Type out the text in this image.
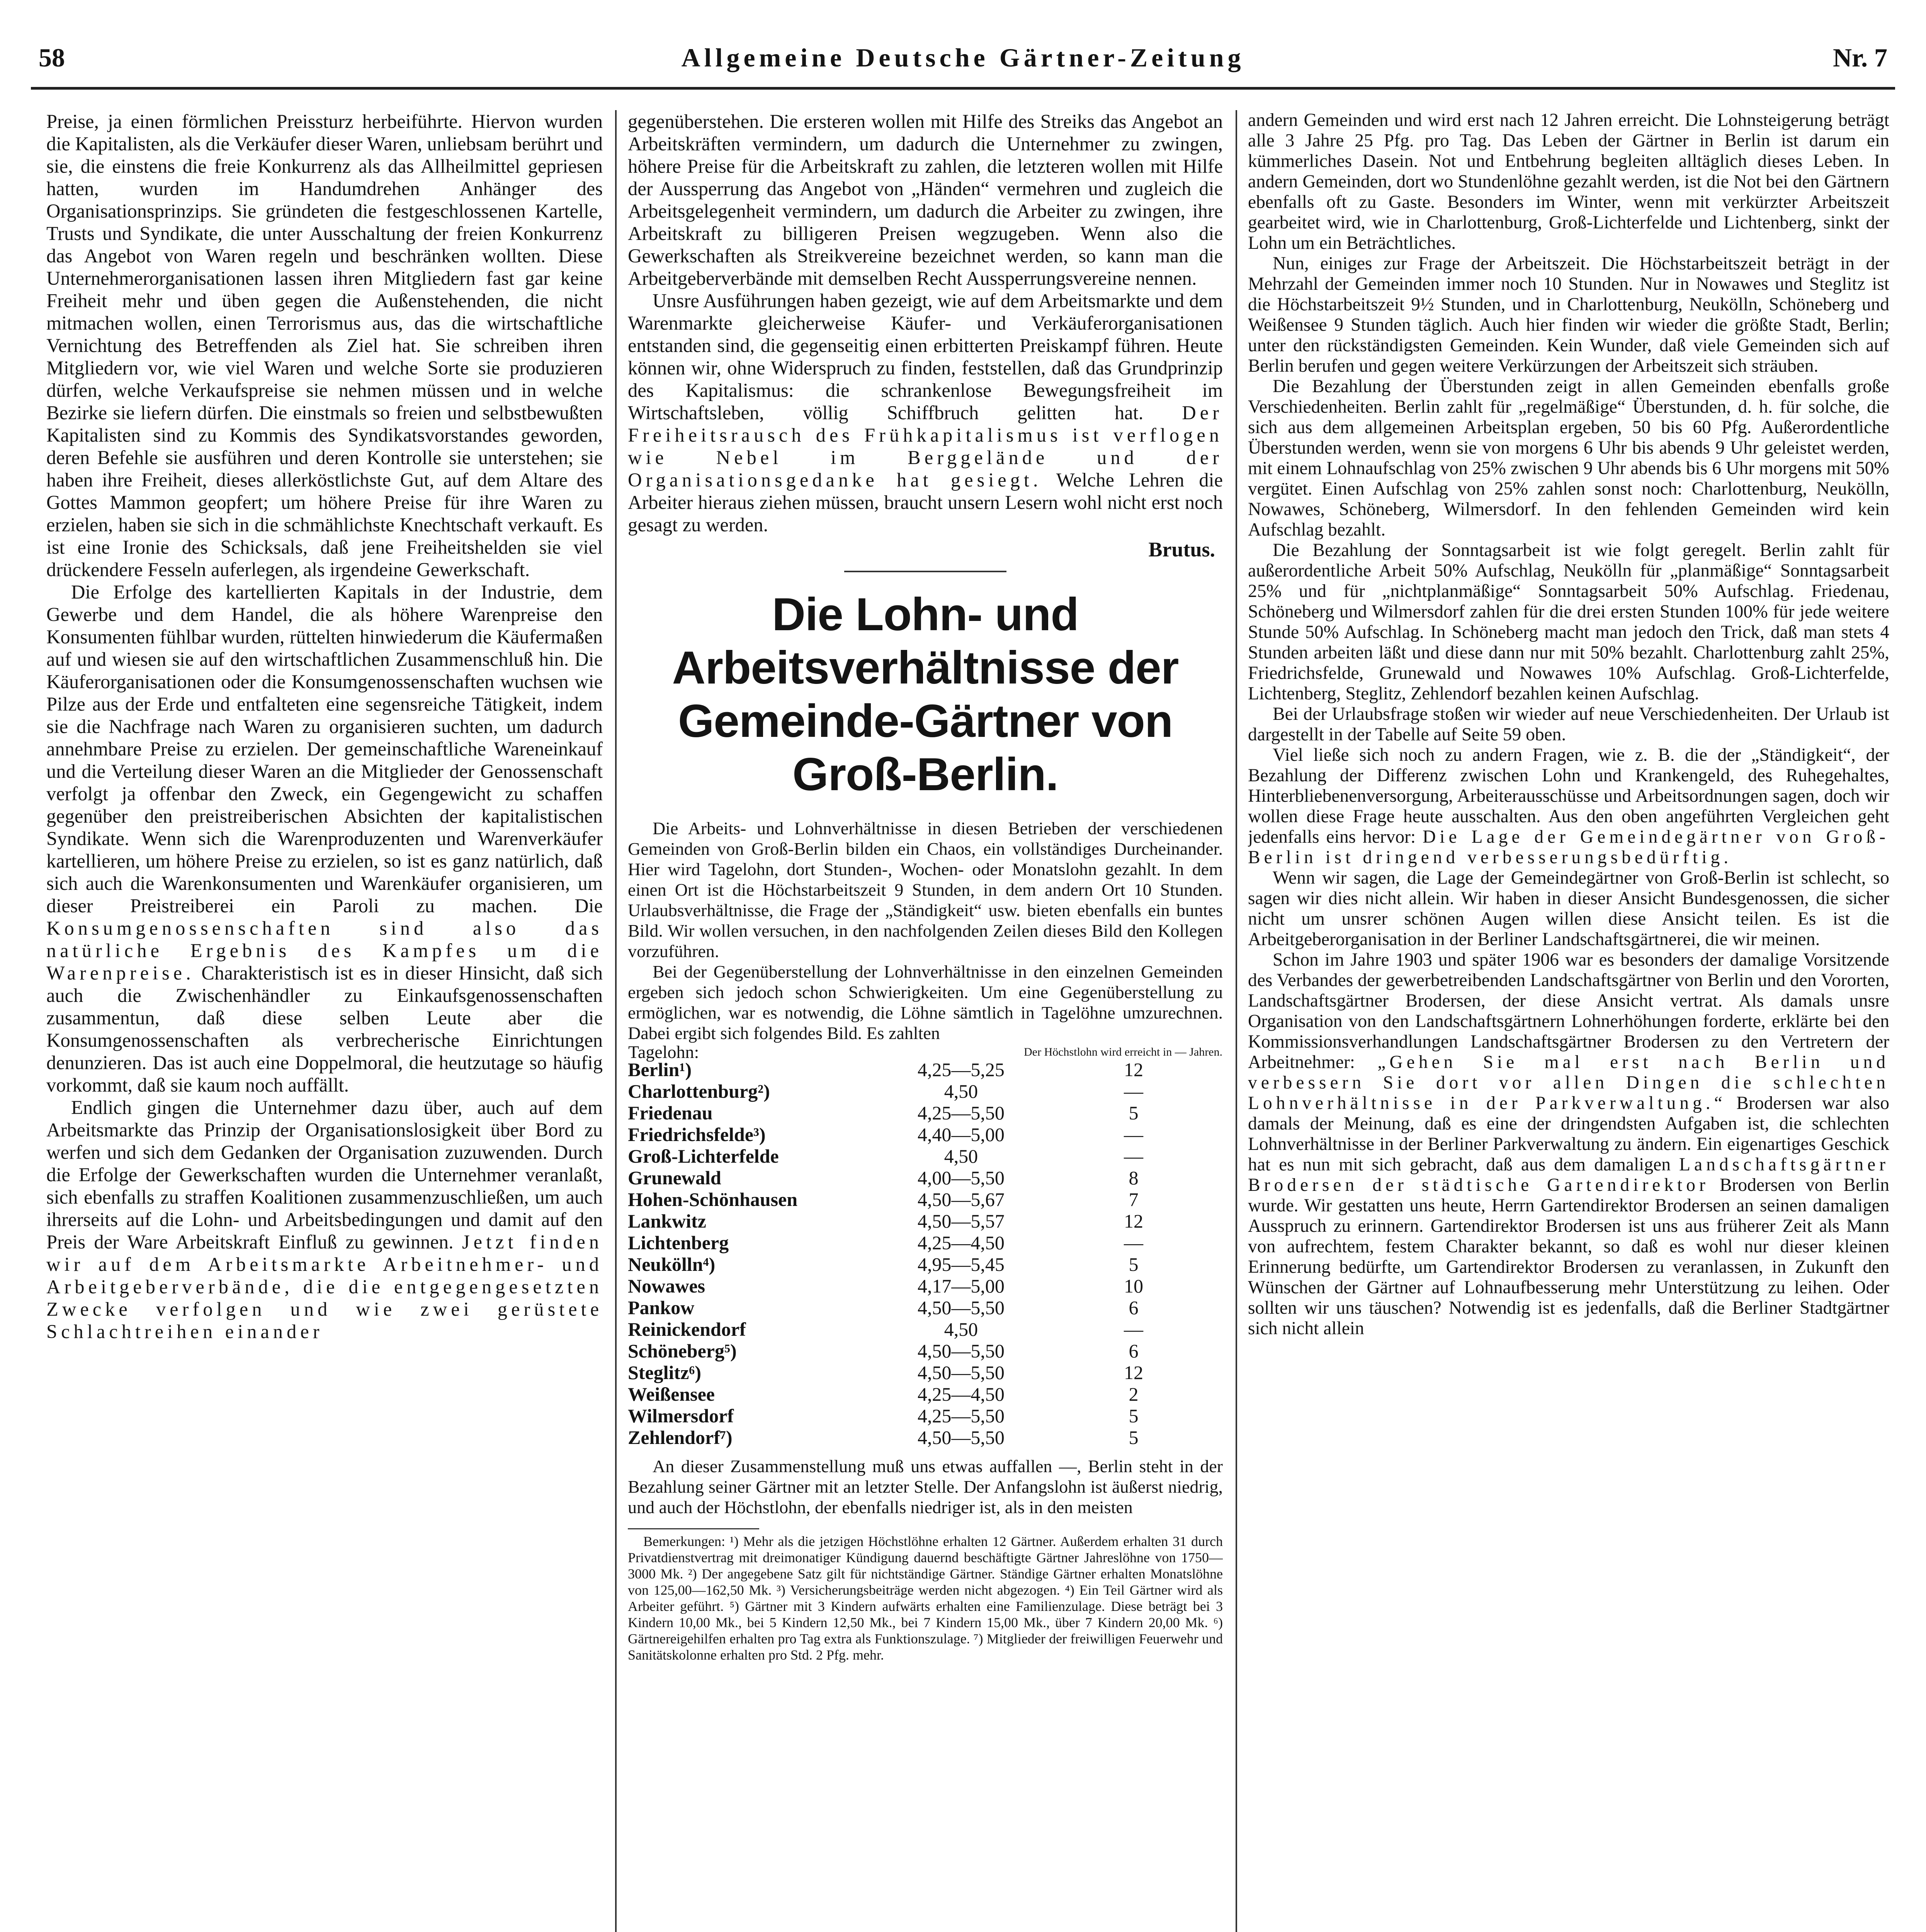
58	Allgemeine Deutsche Gärtner-Zeitung	Nr. 7

Preise, ja einen förmlichen Preissturz herbeiführte. Hiervon wurden die Kapitalisten, als die Verkäufer dieser Waren, unliebsam berührt und sie, die einstens die freie Konkurrenz als das Allheilmittel gepriesen hatten, wurden im Handumdrehen Anhänger des Organisationsprinzips. Sie gründeten die festgeschlossenen Kartelle, Trusts und Syndikate, die unter Ausschaltung der freien Konkurrenz das Angebot von Waren regeln und beschränken wollten. Diese Unternehmerorganisationen lassen ihren Mitgliedern fast gar keine Freiheit mehr und üben gegen die Außenstehenden, die nicht mitmachen wollen, einen Terrorismus aus, das die wirtschaftliche Vernichtung des Betreffenden als Ziel hat. Sie schreiben ihren Mitgliedern vor, wie viel Waren und welche Sorte sie produzieren dürfen, welche Verkaufspreise sie nehmen müssen und in welche Bezirke sie liefern dürfen. Die einstmals so freien und selbstbewußten Kapitalisten sind zu Kommis des Syndikatsvorstandes geworden, deren Befehle sie ausführen und deren Kontrolle sie unterstehen; sie haben ihre Freiheit, dieses allerköstlichste Gut, auf dem Altare des Gottes Mammon geopfert; um höhere Preise für ihre Waren zu erzielen, haben sie sich in die schmählichste Knechtschaft verkauft. Es ist eine Ironie des Schicksals, daß jene Freiheitshelden sie viel drückendere Fesseln auferlegen, als irgendeine Gewerkschaft.

Die Erfolge des kartellierten Kapitals in der Industrie, dem Gewerbe und dem Handel, die als höhere Warenpreise den Konsumenten fühlbar wurden, rüttelten hinwiederum die Käufermaßen auf und wiesen sie auf den wirtschaftlichen Zusammenschluß hin. Die Käuferorganisationen oder die Konsumgenossenschaften wuchsen wie Pilze aus der Erde und entfalteten eine segensreiche Tätigkeit, indem sie die Nachfrage nach Waren zu organisieren suchten, um dadurch annehmbare Preise zu erzielen. Der gemeinschaftliche Wareneinkauf und die Verteilung dieser Waren an die Mitglieder der Genossenschaft verfolgt ja offenbar den Zweck, ein Gegengewicht zu schaffen gegenüber den preistreiberischen Absichten der kapitalistischen Syndikate. Wenn sich die Warenproduzenten und Warenverkäufer kartellieren, um höhere Preise zu erzielen, so ist es ganz natürlich, daß sich auch die Warenkonsumenten und Warenkäufer organisieren, um dieser Preistreiberei ein Paroli zu machen. Die Konsumgenossenschaften sind also das natürliche Ergebnis des Kampfes um die Warenpreise. Charakteristisch ist es in dieser Hinsicht, daß sich auch die Zwischenhändler zu Einkaufsgenossenschaften zusammentun, daß diese selben Leute aber die Konsumgenossenschaften als verbrecherische Einrichtungen denunzieren. Das ist auch eine Doppelmoral, die heutzutage so häufig vorkommt, daß sie kaum noch auffällt.

Endlich gingen die Unternehmer dazu über, auch auf dem Arbeitsmarkte das Prinzip der Organisationslosigkeit über Bord zu werfen und sich dem Gedanken der Organisation zuzuwenden. Durch die Erfolge der Gewerkschaften wurden die Unternehmer veranlaßt, sich ebenfalls zu straffen Koalitionen zusammenzuschließen, um auch ihrerseits auf die Lohn- und Arbeitsbedingungen und damit auf den Preis der Ware Arbeitskraft Einfluß zu gewinnen. Jetzt finden wir auf dem Arbeitsmarkte Arbeitnehmer- und Arbeitgeberverbände, die die entgegengesetzten Zwecke verfolgen und wie zwei gerüstete Schlachtreihen einander

gegenüberstehen. Die ersteren wollen mit Hilfe des Streiks das Angebot an Arbeitskräften vermindern, um dadurch die Unternehmer zu zwingen, höhere Preise für die Arbeitskraft zu zahlen, die letzteren wollen mit Hilfe der Aussperrung das Angebot von „Händen“ vermehren und zugleich die Arbeitsgelegenheit vermindern, um dadurch die Arbeiter zu zwingen, ihre Arbeitskraft zu billigeren Preisen wegzugeben. Wenn also die Gewerkschaften als Streikvereine bezeichnet werden, so kann man die Arbeitgeberverbände mit demselben Recht Aussperrungsvereine nennen.

Unsre Ausführungen haben gezeigt, wie auf dem Arbeitsmarkte und dem Warenmarkte gleicherweise Käufer- und Verkäuferorganisationen entstanden sind, die gegenseitig einen erbitterten Preiskampf führen. Heute können wir, ohne Widerspruch zu finden, feststellen, daß das Grundprinzip des Kapitalismus: die schrankenlose Bewegungsfreiheit im Wirtschaftsleben, völlig Schiffbruch gelitten hat. Der Freiheitsrausch des Frühkapitalismus ist verflogen wie Nebel im Berggelände und der Organisationsgedanke hat gesiegt. Welche Lehren die Arbeiter hieraus ziehen müssen, braucht unsern Lesern wohl nicht erst noch gesagt zu werden.

Brutus.
Die Lohn- und Arbeitsverhältnisse der Gemeinde-Gärtner von Groß-Berlin.

Die Arbeits- und Lohnverhältnisse in diesen Betrieben der verschiedenen Gemeinden von Groß-Berlin bilden ein Chaos, ein vollständiges Durcheinander. Hier wird Tagelohn, dort Stunden-, Wochen- oder Monatslohn gezahlt. In dem einen Ort ist die Höchstarbeitszeit 9 Stunden, in dem andern Ort 10 Stunden. Urlaubsverhältnisse, die Frage der „Ständigkeit“ usw. bieten ebenfalls ein buntes Bild. Wir wollen versuchen, in den nachfolgenden Zeilen dieses Bild den Kollegen vorzuführen.

Bei der Gegenüberstellung der Lohnverhältnisse in den einzelnen Gemeinden ergeben sich jedoch schon Schwierigkeiten. Um eine Gegenüberstellung zu ermöglichen, war es notwendig, die Löhne sämtlich in Tagelöhne umzurechnen. Dabei ergibt sich folgendes Bild. Es zahlten

Tagelohn:	Der Höchstlohn wird erreicht in — Jahren.	
Berlin¹)	4,25—5,25	12
Charlottenburg²)	4,50	—
Friedenau	4,25—5,50	5
Friedrichsfelde³)	4,40—5,00	—
Groß-Lichterfelde	4,50	—
Grunewald	4,00—5,50	8
Hohen-Schönhausen	4,50—5,67	7
Lankwitz	4,50—5,57	12
Lichtenberg	4,25—4,50	—
Neukölln⁴)	4,95—5,45	5
Nowawes	4,17—5,00	10
Pankow	4,50—5,50	6
Reinickendorf	4,50	—
Schöneberg⁵)	4,50—5,50	6
Steglitz⁶)	4,50—5,50	12
Weißensee	4,25—4,50	2
Wilmersdorf	4,25—5,50	5
Zehlendorf⁷)	4,50—5,50	5

An dieser Zusammenstellung muß uns etwas auffallen —, Berlin steht in der Bezahlung seiner Gärtner mit an letzter Stelle. Der Anfangslohn ist äußerst niedrig, und auch der Höchstlohn, der ebenfalls niedriger ist, als in den meisten

Bemerkungen: ¹) Mehr als die jetzigen Höchstlöhne erhalten 12 Gärtner. Außerdem erhalten 31 durch Privatdienstvertrag mit dreimonatiger Kündigung dauernd beschäftigte Gärtner Jahreslöhne von 1750—3000 Mk. ²) Der angegebene Satz gilt für nichtständige Gärtner. Ständige Gärtner erhalten Monatslöhne von 125,00—162,50 Mk. ³) Versicherungsbeiträge werden nicht abgezogen. ⁴) Ein Teil Gärtner wird als Arbeiter geführt. ⁵) Gärtner mit 3 Kindern aufwärts erhalten eine Familienzulage. Diese beträgt bei 3 Kindern 10,00 Mk., bei 5 Kindern 12,50 Mk., bei 7 Kindern 15,00 Mk., über 7 Kindern 20,00 Mk. ⁶) Gärtnereigehilfen erhalten pro Tag extra als Funktionszulage. ⁷) Mitglieder der freiwilligen Feuerwehr und Sanitätskolonne erhalten pro Std. 2 Pfg. mehr.

andern Gemeinden und wird erst nach 12 Jahren erreicht. Die Lohnsteigerung beträgt alle 3 Jahre 25 Pfg. pro Tag. Das Leben der Gärtner in Berlin ist darum ein kümmerliches Dasein. Not und Entbehrung begleiten alltäglich dieses Leben. In andern Gemeinden, dort wo Stundenlöhne gezahlt werden, ist die Not bei den Gärtnern ebenfalls oft zu Gaste. Besonders im Winter, wenn mit verkürzter Arbeitszeit gearbeitet wird, wie in Charlottenburg, Groß-Lichterfelde und Lichtenberg, sinkt der Lohn um ein Beträchtliches.

Nun, einiges zur Frage der Arbeitszeit. Die Höchstarbeitszeit beträgt in der Mehrzahl der Gemeinden immer noch 10 Stunden. Nur in Nowawes und Steglitz ist die Höchstarbeitszeit 9½ Stunden, und in Charlottenburg, Neukölln, Schöneberg und Weißensee 9 Stunden täglich. Auch hier finden wir wieder die größte Stadt, Berlin; unter den rückständigsten Gemeinden. Kein Wunder, daß viele Gemeinden sich auf Berlin berufen und gegen weitere Verkürzungen der Arbeitszeit sich sträuben.

Die Bezahlung der Überstunden zeigt in allen Gemeinden ebenfalls große Verschiedenheiten. Berlin zahlt für „regelmäßige“ Überstunden, d. h. für solche, die sich aus dem allgemeinen Arbeitsplan ergeben, 50 bis 60 Pfg. Außerordentliche Überstunden werden, wenn sie von morgens 6 Uhr bis abends 9 Uhr geleistet werden, mit einem Lohnaufschlag von 25% zwischen 9 Uhr abends bis 6 Uhr morgens mit 50% vergütet. Einen Aufschlag von 25% zahlen sonst noch: Charlottenburg, Neukölln, Nowawes, Schöneberg, Wilmersdorf. In den fehlenden Gemeinden wird kein Aufschlag bezahlt.

Die Bezahlung der Sonntagsarbeit ist wie folgt geregelt. Berlin zahlt für außerordentliche Arbeit 50% Aufschlag, Neukölln für „planmäßige“ Sonntagsarbeit 25% und für „nichtplanmäßige“ Sonntagsarbeit 50% Aufschlag. Friedenau, Schöneberg und Wilmersdorf zahlen für die drei ersten Stunden 100% für jede weitere Stunde 50% Aufschlag. In Schöneberg macht man jedoch den Trick, daß man stets 4 Stunden arbeiten läßt und diese dann nur mit 50% bezahlt. Charlottenburg zahlt 25%, Friedrichsfelde, Grunewald und Nowawes 10% Aufschlag. Groß-Lichterfelde, Lichtenberg, Steglitz, Zehlendorf bezahlen keinen Aufschlag.

Bei der Urlaubsfrage stoßen wir wieder auf neue Verschiedenheiten. Der Urlaub ist dargestellt in der Tabelle auf Seite 59 oben.

Viel ließe sich noch zu andern Fragen, wie z. B. die der „Ständigkeit“, der Bezahlung der Differenz zwischen Lohn und Krankengeld, des Ruhegehaltes, Hinterbliebenenversorgung, Arbeiterausschüsse und Arbeitsordnungen sagen, doch wir wollen diese Frage heute ausschalten. Aus den oben angeführten Vergleichen geht jedenfalls eins hervor: Die Lage der Gemeindegärtner von Groß-Berlin ist dringend verbesserungsbedürftig.

Wenn wir sagen, die Lage der Gemeindegärtner von Groß-Berlin ist schlecht, so sagen wir dies nicht allein. Wir haben in dieser Ansicht Bundesgenossen, die sicher nicht um unsrer schönen Augen willen diese Ansicht teilen. Es ist die Arbeitgeberorganisation in der Berliner Landschaftsgärtnerei, die wir meinen.

Schon im Jahre 1903 und später 1906 war es besonders der damalige Vorsitzende des Verbandes der gewerbetreibenden Landschaftsgärtner von Berlin und den Vororten, Landschaftsgärtner Brodersen, der diese Ansicht vertrat. Als damals unsre Organisation von den Landschaftsgärtnern Lohnerhöhungen forderte, erklärte bei den Kommissionsverhandlungen Landschaftsgärtner Brodersen zu den Vertretern der Arbeitnehmer: „Gehen Sie mal erst nach Berlin und verbessern Sie dort vor allen Dingen die schlechten Lohnverhältnisse in der Parkverwaltung.“ Brodersen war also damals der Meinung, daß es eine der dringendsten Aufgaben ist, die schlechten Lohnverhältnisse in der Berliner Parkverwaltung zu ändern. Ein eigenartiges Geschick hat es nun mit sich gebracht, daß aus dem damaligen Landschaftsgärtner Brodersen der städtische Gartendirektor Brodersen von Berlin wurde. Wir gestatten uns heute, Herrn Gartendirektor Brodersen an seinen damaligen Ausspruch zu erinnern. Gartendirektor Brodersen ist uns aus früherer Zeit als Mann von aufrechtem, festem Charakter bekannt, so daß es wohl nur dieser kleinen Erinnerung bedürfte, um Gartendirektor Brodersen zu veranlassen, in Zukunft den Wünschen der Gärtner auf Lohnaufbesserung mehr Unterstützung zu leihen. Oder sollten wir uns täuschen? Notwendig ist es jedenfalls, daß die Berliner Stadtgärtner sich nicht allein
